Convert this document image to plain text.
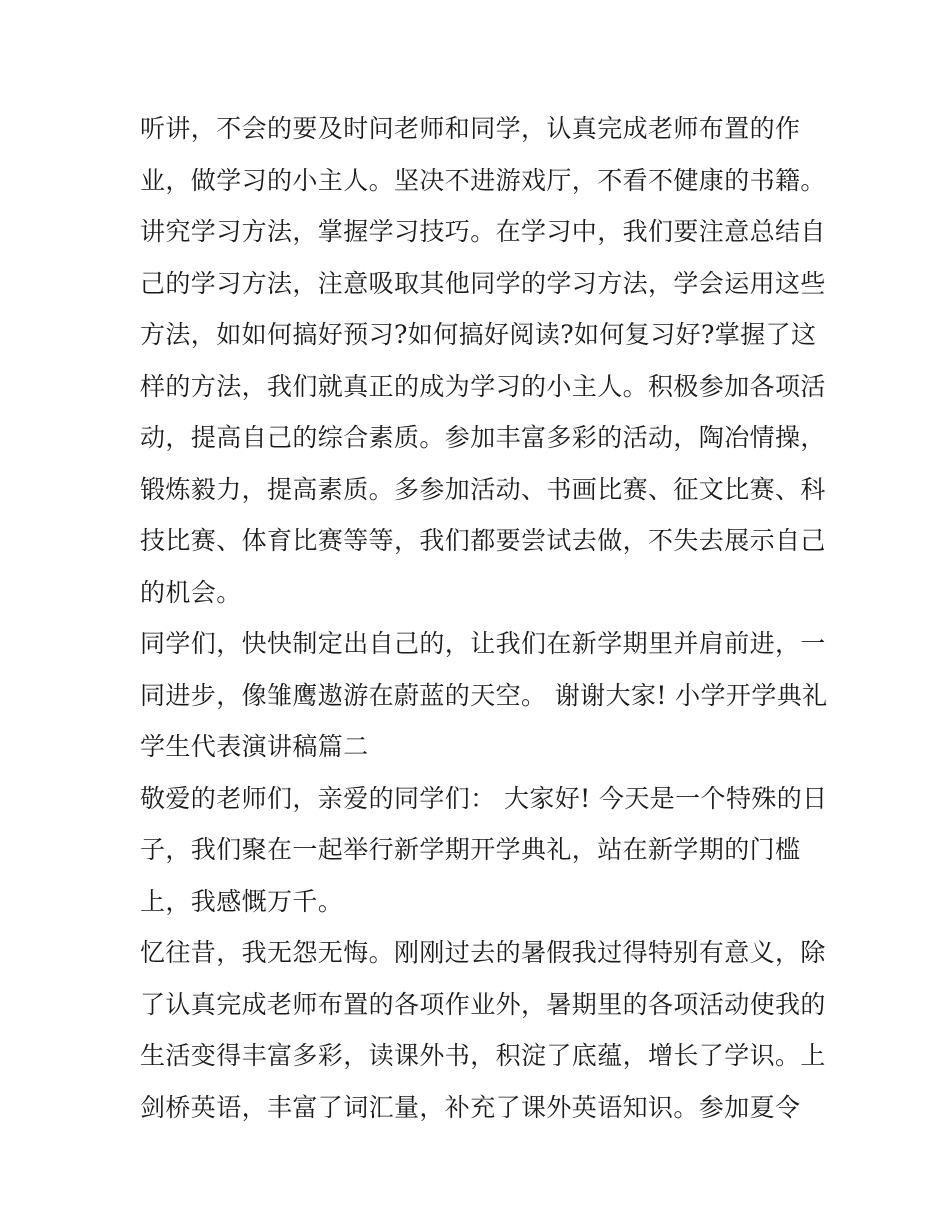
听讲，不会的要及时问老师和同学，认真完成老师布置的作
业，做学习的小主人。坚决不进游戏厅，不看不健康的书籍。
讲究学习方法，掌握学习技巧。在学习中，我们要注意总结自
己的学习方法，注意吸取其他同学的学习方法，学会运用这些
方法，如如何搞好预习?如何搞好阅读?如何复习好?掌握了这
样的方法，我们就真正的成为学习的小主人。积极参加各项活
动，提高自己的综合素质。参加丰富多彩的活动，陶冶情操，
锻炼毅力，提高素质。多参加活动、书画比赛、征文比赛、科
技比赛、体育比赛等等，我们都要尝试去做，不失去展示自己
的机会。
同学们，快快制定出自己的，让我们在新学期里并肩前进，一
同进步，像雏鹰遨游在蔚蓝的天空。 谢谢大家! 小学开学典礼
学生代表演讲稿篇二
敬爱的老师们，亲爱的同学们： 大家好! 今天是一个特殊的日
子，我们聚在一起举行新学期开学典礼，站在新学期的门槛
上，我感慨万千。
忆往昔，我无怨无悔。刚刚过去的暑假我过得特别有意义，除
了认真完成老师布置的各项作业外，暑期里的各项活动使我的
生活变得丰富多彩，读课外书，积淀了底蕴，增长了学识。上
剑桥英语，丰富了词汇量，补充了课外英语知识。参加夏令
